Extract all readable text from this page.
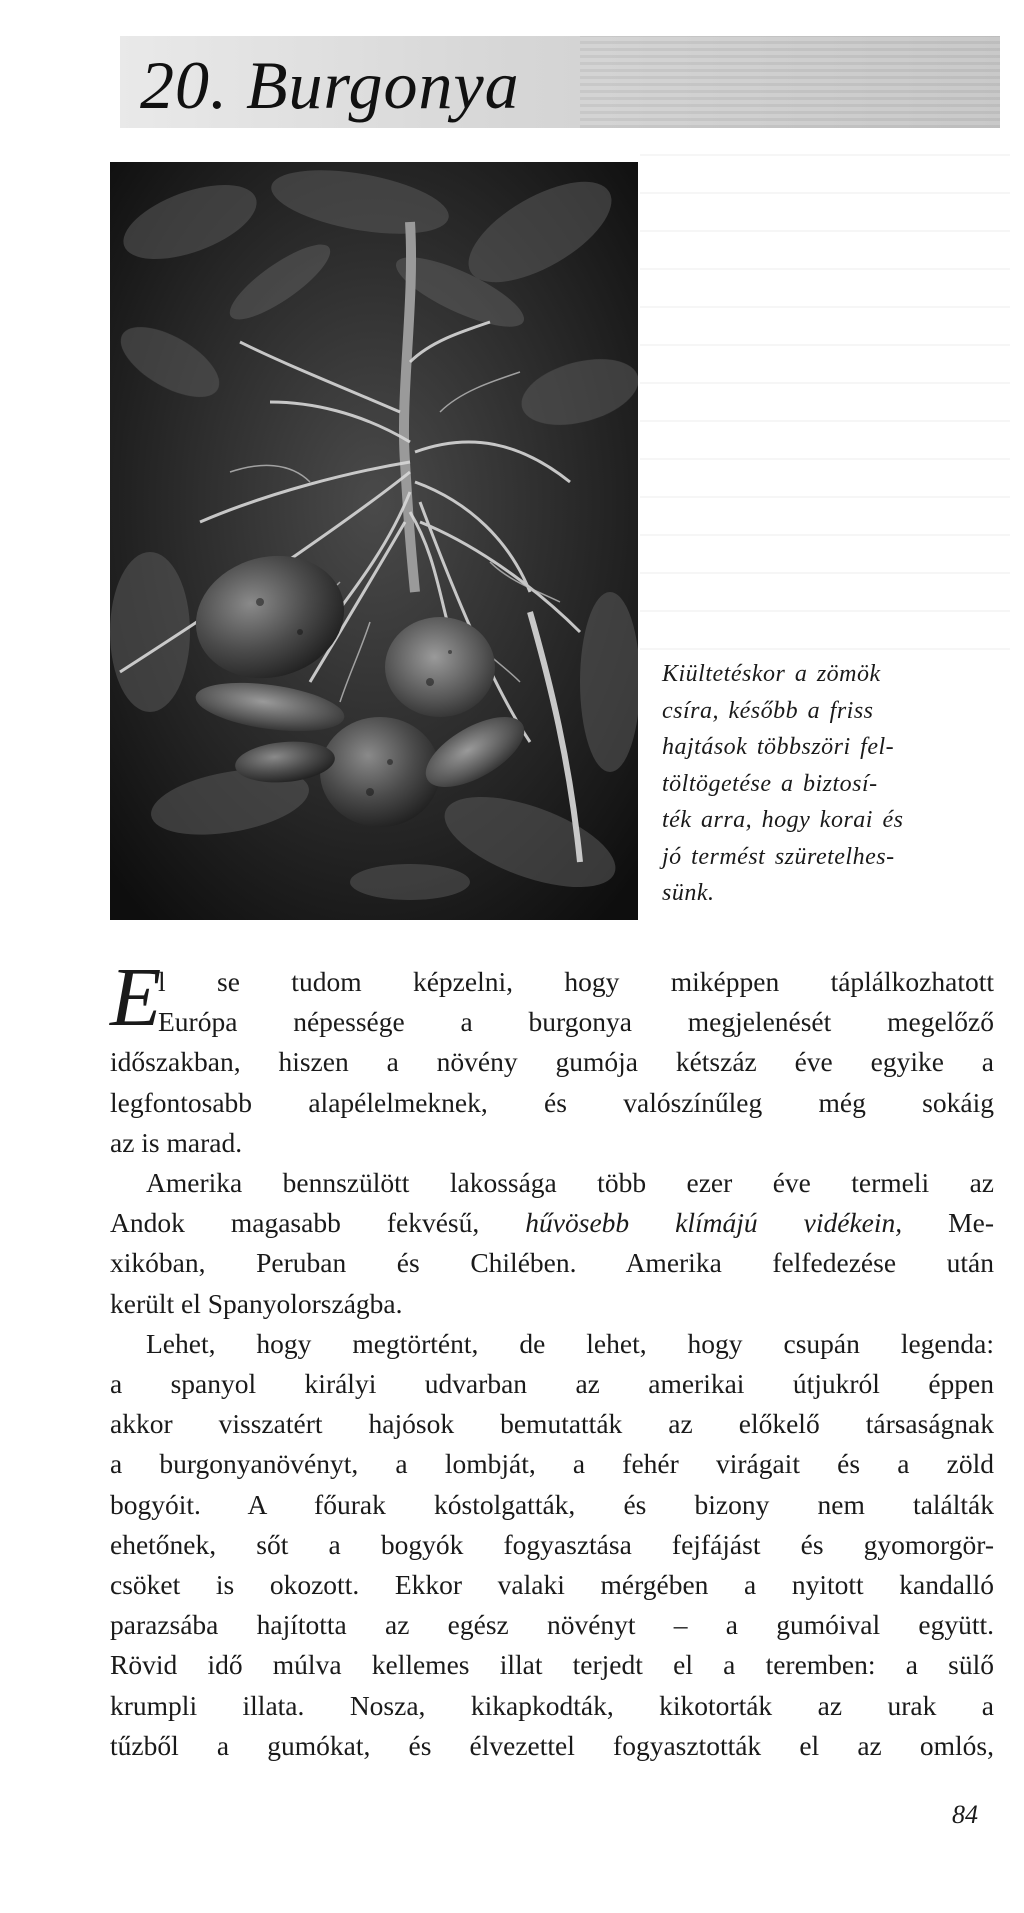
20. Burgonya
Kiültetéskor a zömök
csíra, később a friss
hajtások többszöri fel-
töltögetése a biztosí-
ték arra, hogy korai és
jó termést szüretelhes-
sünk.
E
l se tudom képzelni, hogy miképpen táplálkozhatott
Európa népessége a burgonya megjelenését megelőző
időszakban, hiszen a növény gumója kétszáz éve egyike a
legfontosabb alapélelmeknek, és valószínűleg még sokáig
az is marad.
Amerika bennszülött lakossága több ezer éve termeli az
Andok magasabb fekvésű, hűvösebb klímájú vidékein, Me-
xikóban, Peruban és Chilében. Amerika felfedezése után
került el Spanyolországba.
Lehet, hogy megtörtént, de lehet, hogy csupán legenda:
a spanyol királyi udvarban az amerikai útjukról éppen
akkor visszatért hajósok bemutatták az előkelő társaságnak
a burgonyanövényt, a lombját, a fehér virágait és a zöld
bogyóit. A főurak kóstolgatták, és bizony nem találták
ehetőnek, sőt a bogyók fogyasztása fejfájást és gyomorgör-
csöket is okozott. Ekkor valaki mérgében a nyitott kandalló
parazsába hajította az egész növényt – a gumóival együtt.
Rövid idő múlva kellemes illat terjedt el a teremben: a sülő
krumpli illata. Nosza, kikapkodták, kikotorták az urak a
tűzből a gumókat, és élvezettel fogyasztották el az omlós,
84
